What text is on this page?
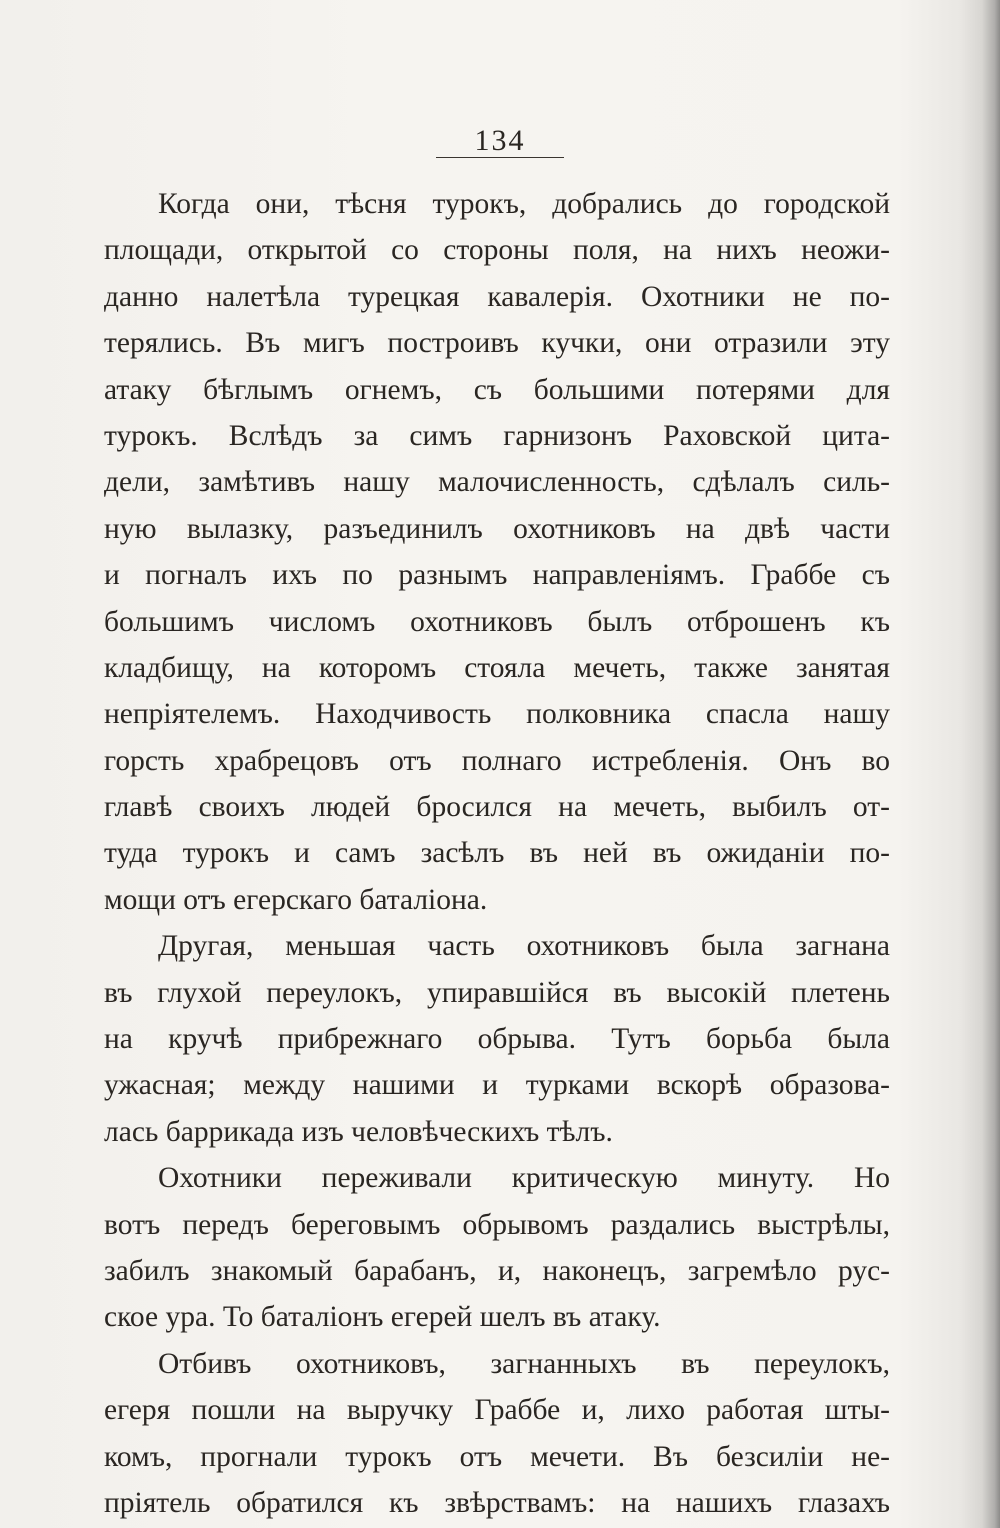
134
Когда они, тѣсня турокъ, добрались до городской
площади, открытой со стороны поля, на нихъ неожи-
данно налетѣла турецкая кавалерія. Охотники не по-
терялись. Въ мигъ построивъ кучки, они отразили эту
атаку бѣглымъ огнемъ, съ большими потерями для
турокъ. Вслѣдъ за симъ гарнизонъ Раховской цита-
дели, замѣтивъ нашу малочисленность, сдѣлалъ силь-
ную вылазку, разъединилъ охотниковъ на двѣ части
и погналъ ихъ по разнымъ направленіямъ. Граббе съ
большимъ числомъ охотниковъ былъ отброшенъ къ
кладбищу, на которомъ стояла мечеть, также занятая
непріятелемъ. Находчивость полковника спасла нашу
горсть храбрецовъ отъ полнаго истребленія. Онъ во
главѣ своихъ людей бросился на мечеть, выбилъ от-
туда турокъ и самъ засѣлъ въ ней въ ожиданіи по-
мощи отъ егерскаго баталіона.
Другая, меньшая часть охотниковъ была загнана
въ глухой переулокъ, упиравшійся въ высокій плетень
на кручѣ прибрежнаго обрыва. Тутъ борьба была
ужасная; между нашими и турками вскорѣ образова-
лась баррикада изъ человѣческихъ тѣлъ.
Охотники переживали критическую минуту. Но
вотъ передъ береговымъ обрывомъ раздались выстрѣлы,
забилъ знакомый барабанъ, и, наконецъ, загремѣло рус-
ское ура. То баталіонъ егерей шелъ въ атаку.
Отбивъ охотниковъ, загнанныхъ въ переулокъ,
егеря пошли на выручку Граббе и, лихо работая шты-
комъ, прогнали турокъ отъ мечети. Въ безсиліи не-
пріятель обратился къ звѣрствамъ: на нашихъ глазахъ
